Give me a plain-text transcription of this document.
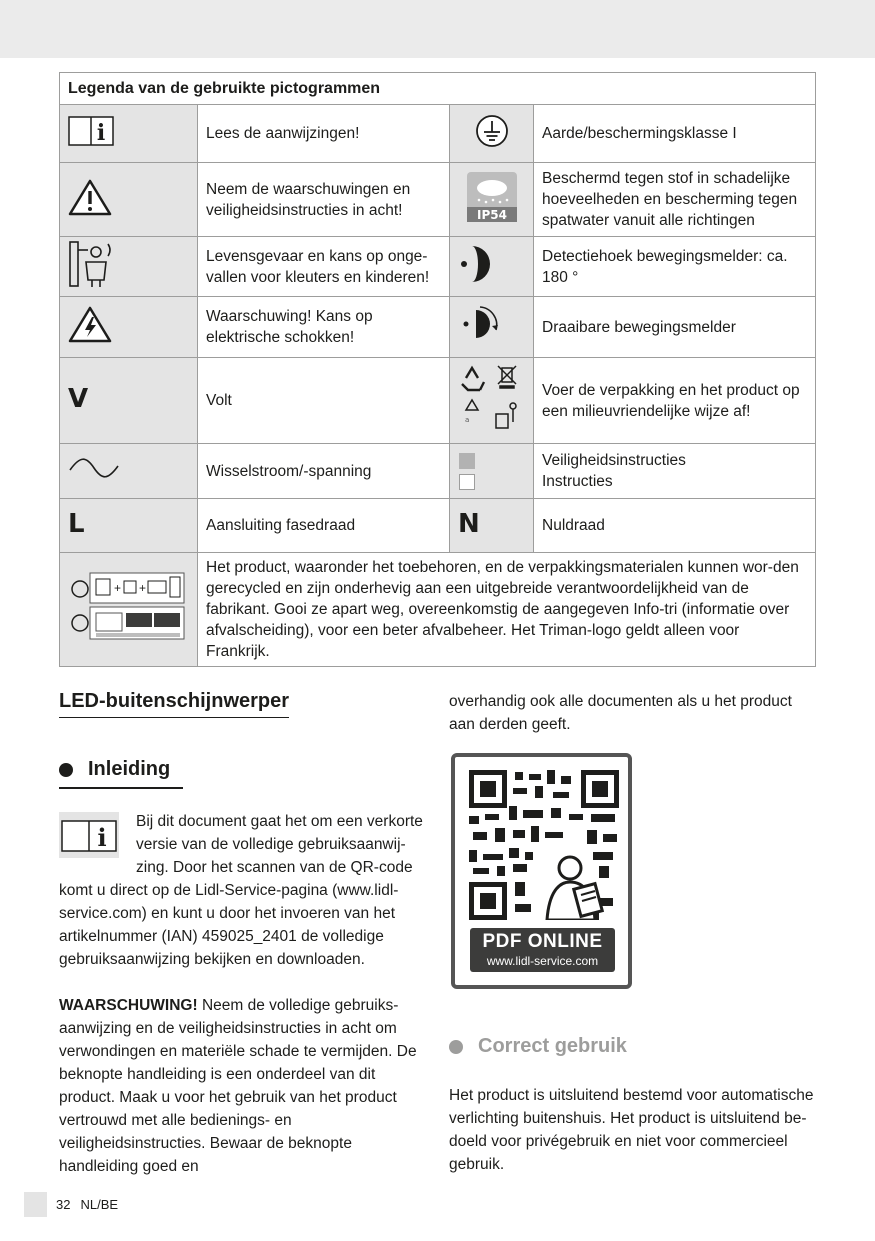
Legenda van de gebruikte pictogrammen			

i	Lees de aanwijzingen!		Aarde/beschermingsklasse I
	Neem de waarschuwingen en veiligheidsinstructies in acht!	IP54	Beschermd tegen stof in schadelijke hoeveelheden en bescherming tegen spatwater vanuit alle richtingen
	Levensgevaar en kans op onge-vallen voor kleuters en kinderen!		Detectiehoek bewegingsmelder: ca. 180 °
	Waarschuwing! Kans op elektrische schokken!		Draaibare bewegingsmelder
V	Volt	a	Voer de verpakking en het product op een milieuvriendelijke wijze af!
	Wisselstroom/-spanning		Veiligheidsinstructies
Instructies

L	Aansluiting fasedraad	N	Nuldraad

+ +	Het product, waaronder het toebehoren, en de verpakkingsmaterialen kunnen wor-den gerecycled en zijn onderhevig aan een uitgebreide verantwoordelijkheid van de fabrikant. Gooi ze apart weg, overeenkomstig de aangegeven Info-tri (informatie over afvalscheiding), voor een beter afvalbeheer. Het Triman-logo geldt alleen voor Frankrijk.		
LED-buitenschijnwerper
Inleiding
i
Bij dit document gaat het om een verkorte
versie van de volledige gebruiksaanwij-
zing. Door het scannen van de QR-code
komt u direct op de Lidl-Service-pagina (www.lidl-service.com) en kunt u door het invoeren van het artikelnummer (IAN) 459025_2401 de volledige gebruiksaanwijzing bekijken en downloaden.
WAARSCHUWING! Neem de volledige gebruiks-aanwijzing en de veiligheidsinstructies in acht om verwondingen en materiële schade te vermijden. De beknopte handleiding is een onderdeel van dit product. Maak u voor het gebruik van het product vertrouwd met alle bedienings- en veiligheidsinstructies. Bewaar de beknopte handleiding goed en
overhandig ook alle documenten als u het product aan derden geeft.
PDF ONLINE
www.lidl-service.com
Correct gebruik
Het product is uitsluitend bestemd voor automatische verlichting buitenshuis. Het product is uitsluitend be-doeld voor privégebruik en niet voor commercieel gebruik.
32 NL/BE
